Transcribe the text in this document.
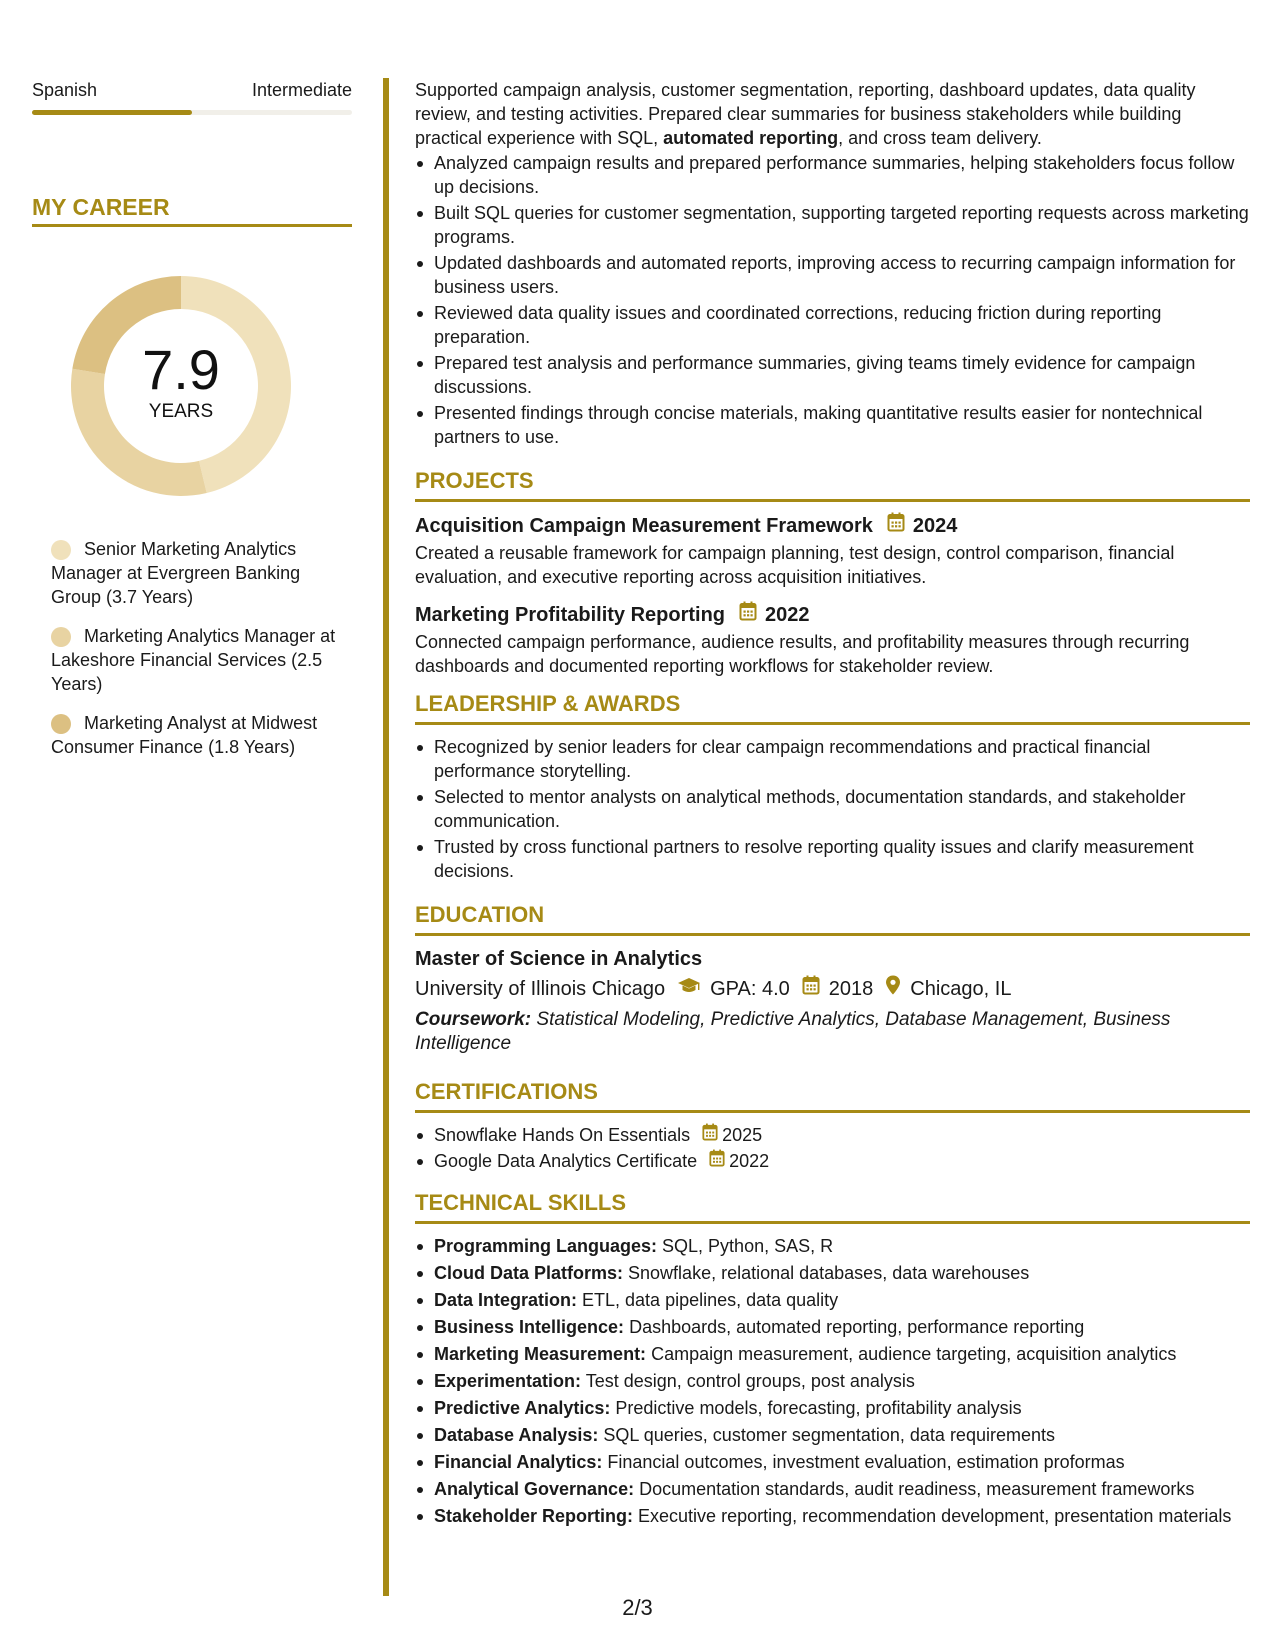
Spanish	Intermediate
MY CAREER
7.9
YEARS
Senior Marketing Analytics Manager at Evergreen Banking Group (3.7 Years)
Marketing Analytics Manager at Lakeshore Financial Services (2.5 Years)
Marketing Analyst at Midwest Consumer Finance (1.8 Years)

Supported campaign analysis, customer segmentation, reporting, dashboard updates, data quality review, and testing activities. Prepared clear summaries for business stakeholders while building practical experience with SQL, automated reporting, and cross team delivery.

Analyzed campaign results and prepared performance summaries, helping stakeholders focus follow up decisions.
Built SQL queries for customer segmentation, supporting targeted reporting requests across marketing programs.
Updated dashboards and automated reports, improving access to recurring campaign information for business users.
Reviewed data quality issues and coordinated corrections, reducing friction during reporting preparation.
Prepared test analysis and performance summaries, giving teams timely evidence for campaign discussions.
Presented findings through concise materials, making quantitative results easier for nontechnical partners to use.
PROJECTS
Acquisition Campaign Measurement Framework 2024
Created a reusable framework for campaign planning, test design, control comparison, financial evaluation, and executive reporting across acquisition initiatives.
Marketing Profitability Reporting 2022
Connected campaign performance, audience results, and profitability measures through recurring dashboards and documented reporting workflows for stakeholder review.
LEADERSHIP & AWARDS
Recognized by senior leaders for clear campaign recommendations and practical financial performance storytelling.
Selected to mentor analysts on analytical methods, documentation standards, and stakeholder communication.
Trusted by cross functional partners to resolve reporting quality issues and clarify measurement decisions.
EDUCATION
Master of Science in Analytics
University of Illinois Chicago GPA: 4.0 2018 Chicago, IL
Coursework: Statistical Modeling, Predictive Analytics, Database Management, Business Intelligence
CERTIFICATIONS
Snowflake Hands On Essentials 2025
Google Data Analytics Certificate 2022
TECHNICAL SKILLS
Programming Languages: SQL, Python, SAS, R
Cloud Data Platforms: Snowflake, relational databases, data warehouses
Data Integration: ETL, data pipelines, data quality
Business Intelligence: Dashboards, automated reporting, performance reporting
Marketing Measurement: Campaign measurement, audience targeting, acquisition analytics
Experimentation: Test design, control groups, post analysis
Predictive Analytics: Predictive models, forecasting, profitability analysis
Database Analysis: SQL queries, customer segmentation, data requirements
Financial Analytics: Financial outcomes, investment evaluation, estimation proformas
Analytical Governance: Documentation standards, audit readiness, measurement frameworks
Stakeholder Reporting: Executive reporting, recommendation development, presentation materials
2/3
